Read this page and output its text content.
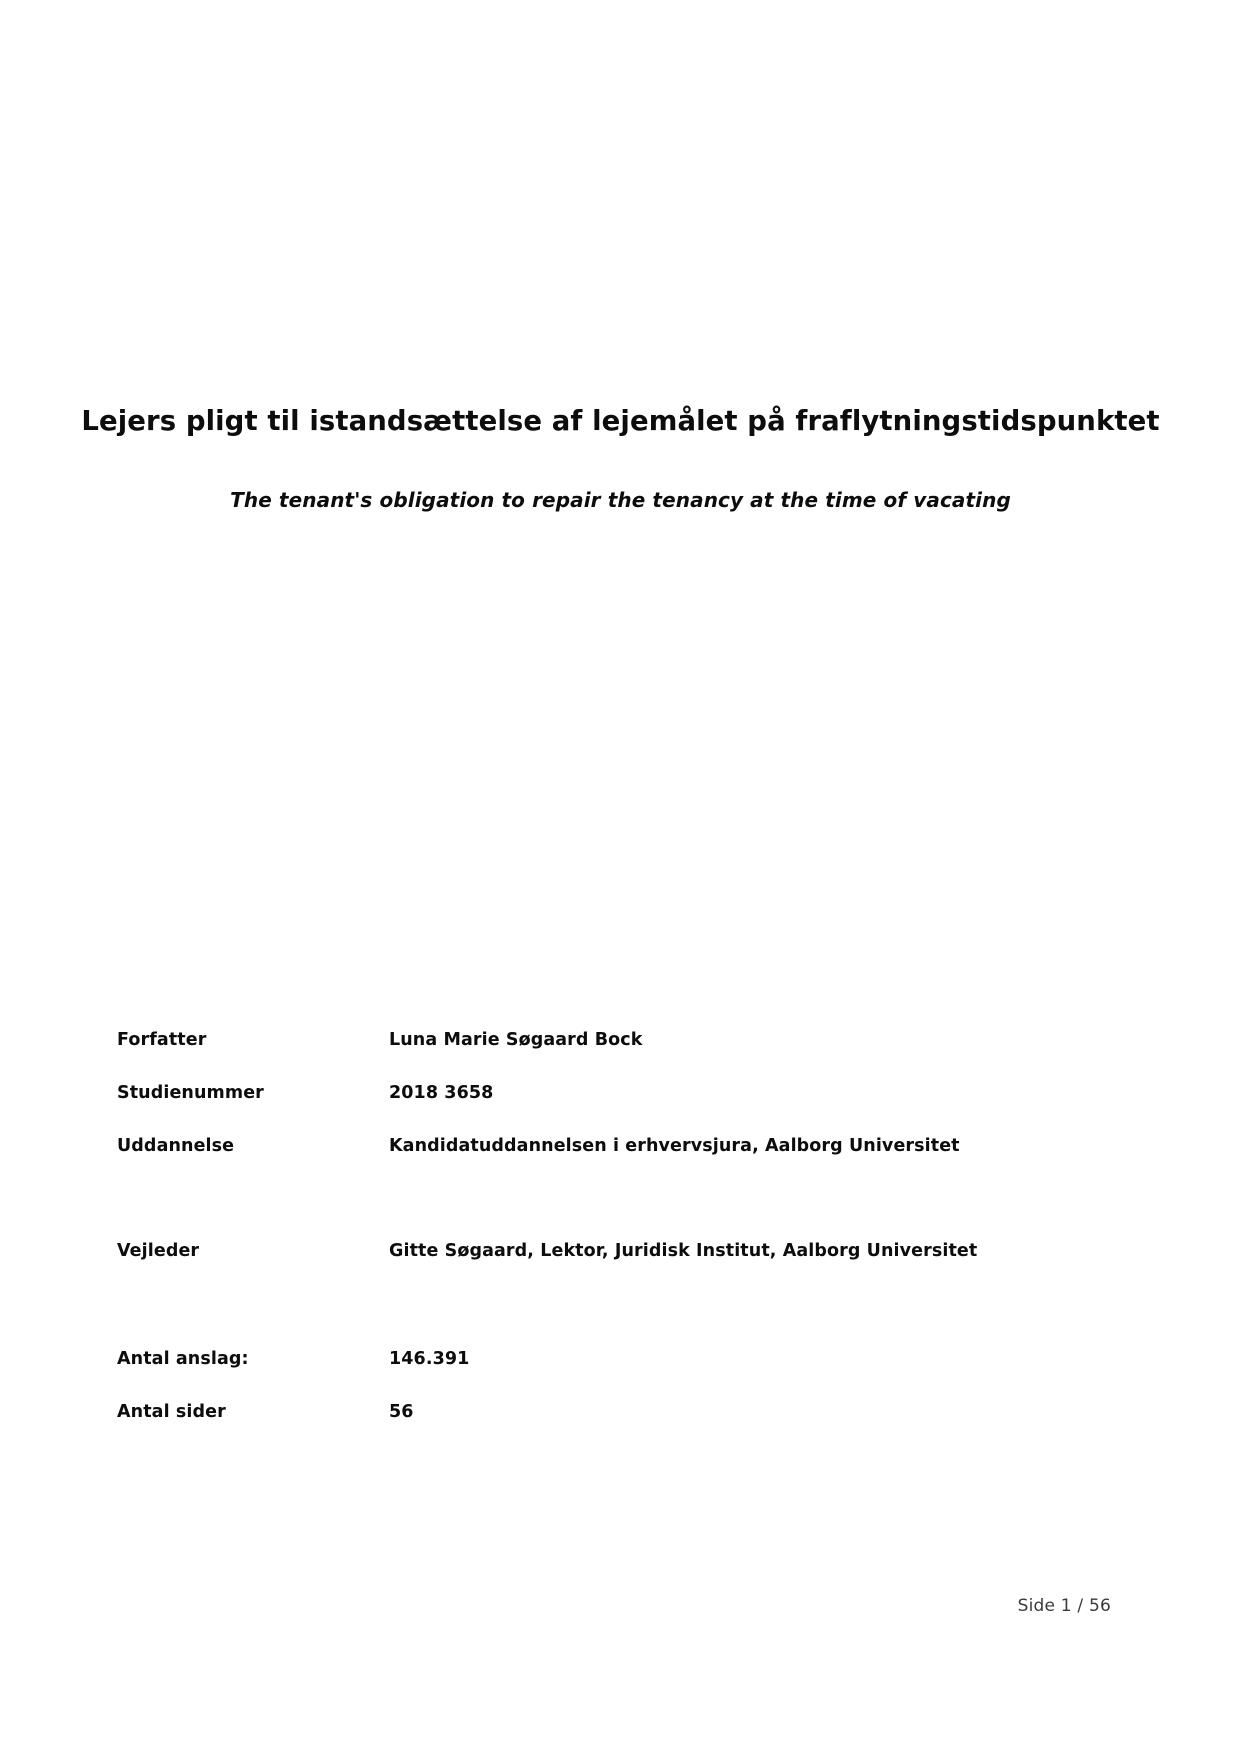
Lejers pligt til istandsættelse af lejemålet på fraflytningstidspunktet

The tenant's obligation to repair the tenancy at the time of vacating

Forfatter	Luna Marie Søgaard Bock
Studienummer	2018 3658
Uddannelse	Kandidatuddannelsen i erhvervsjura, Aalborg Universitet
Vejleder	Gitte Søgaard, Lektor, Juridisk Institut, Aalborg Universitet
Antal anslag:	146.391
Antal sider	56
Side 1 / 56
